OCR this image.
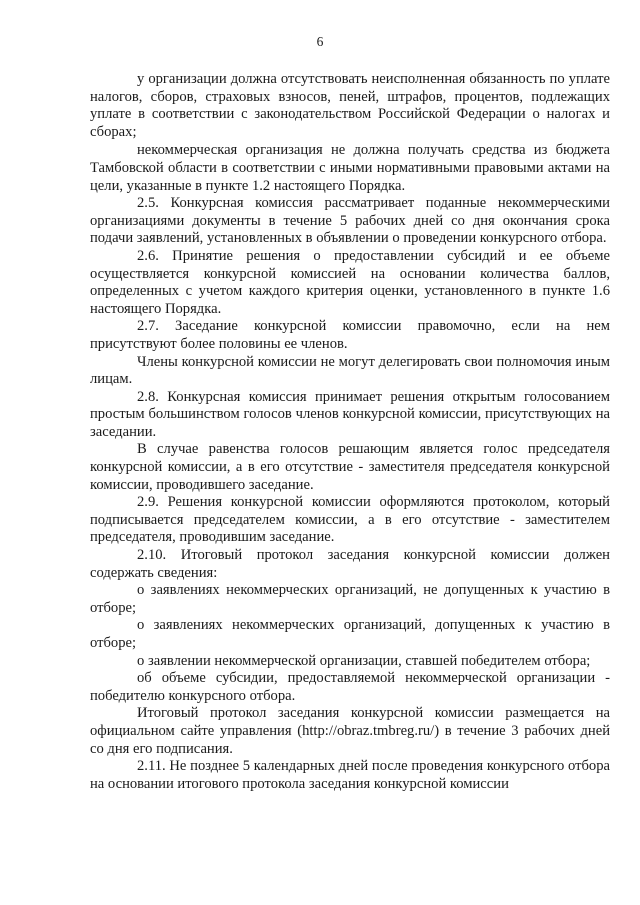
6

у организации должна отсутствовать неисполненная обязанность по уплате налогов, сборов, страховых взносов, пеней, штрафов, процентов, подлежащих уплате в соответствии с законодательством Российской Федерации о налогах и сборах;

некоммерческая организация не должна получать средства из бюджета Тамбовской области в соответствии с иными нормативными правовыми актами на цели, указанные в пункте 1.2 настоящего Порядка.

2.5. Конкурсная комиссия рассматривает поданные некоммерческими организациями документы в течение 5 рабочих дней со дня окончания срока подачи заявлений, установленных в объявлении о проведении конкурсного отбора.

2.6. Принятие решения о предоставлении субсидий и ее объеме осуществляется конкурсной комиссией на основании количества баллов, определенных с учетом каждого критерия оценки, установленного в пункте 1.6 настоящего Порядка.

2.7. Заседание конкурсной комиссии правомочно, если на нем присутствуют более половины ее членов.

Члены конкурсной комиссии не могут делегировать свои полномочия иным лицам.

2.8. Конкурсная комиссия принимает решения открытым голосованием простым большинством голосов членов конкурсной комиссии, присутствующих на заседании.

В случае равенства голосов решающим является голос председателя конкурсной комиссии, а в его отсутствие - заместителя председателя конкурсной комиссии, проводившего заседание.

2.9. Решения конкурсной комиссии оформляются протоколом, который подписывается председателем комиссии, а в его отсутствие - заместителем председателя, проводившим заседание.

2.10. Итоговый протокол заседания конкурсной комиссии должен содержать сведения:

о заявлениях некоммерческих организаций, не допущенных к участию в отборе;

о заявлениях некоммерческих организаций, допущенных к участию в отборе;

о заявлении некоммерческой организации, ставшей победителем отбора;

об объеме субсидии, предоставляемой некоммерческой организации - победителю конкурсного отбора.

Итоговый протокол заседания конкурсной комиссии размещается на официальном сайте управления (http://obraz.tmbreg.ru/) в течение 3 рабочих дней со дня его подписания.

2.11. Не позднее 5 календарных дней после проведения конкурсного отбора на основании итогового протокола заседания конкурсной комиссии
